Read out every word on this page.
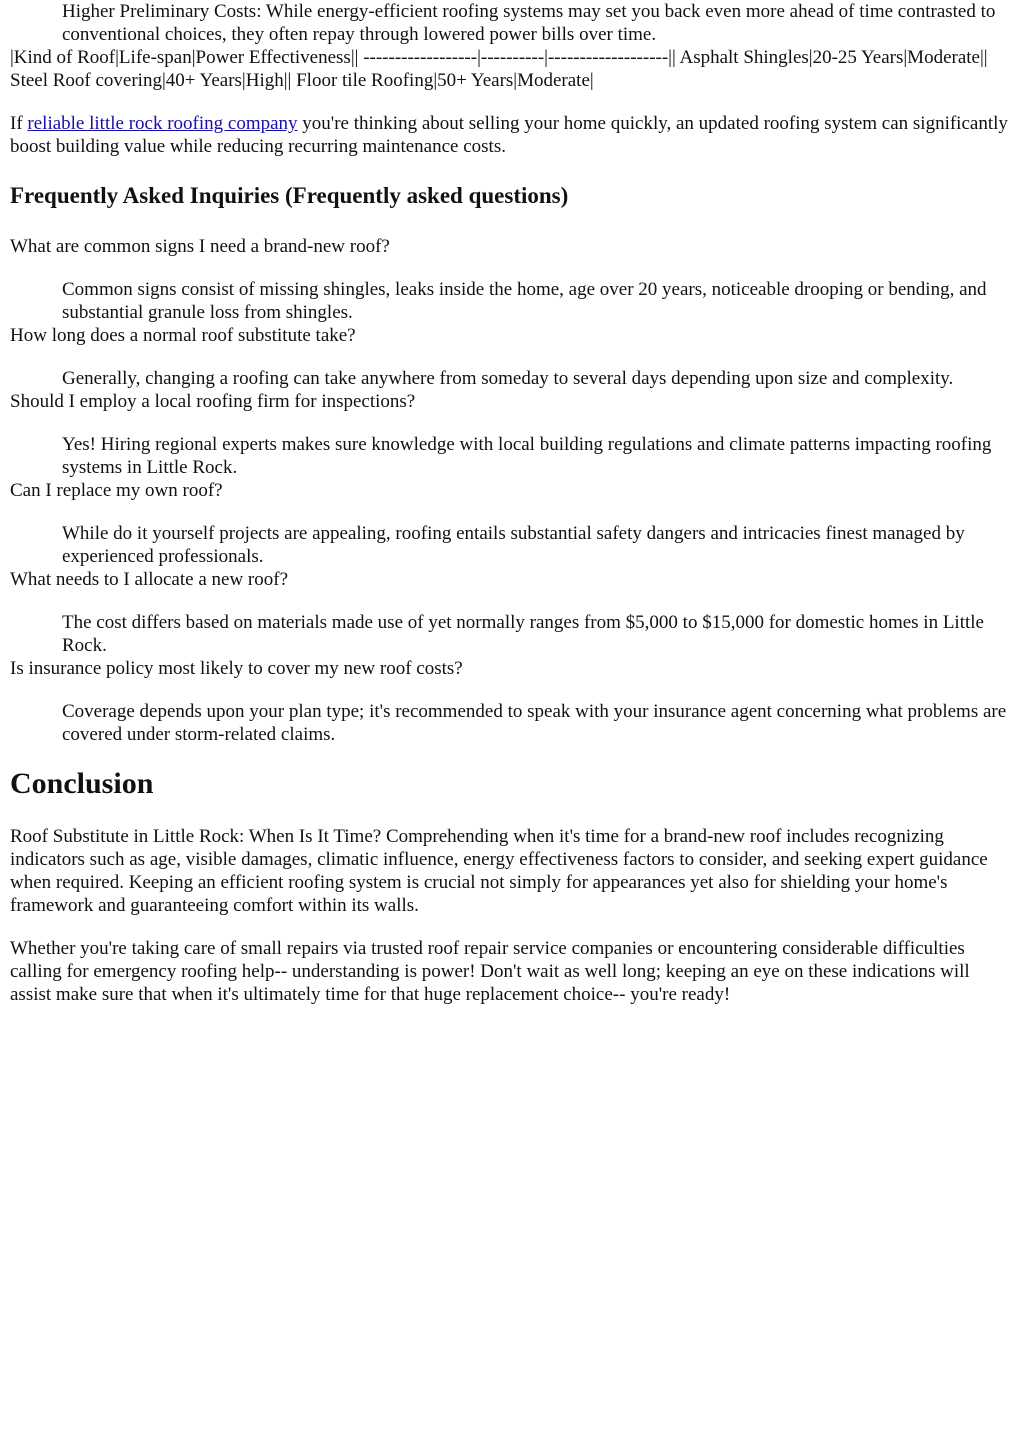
Higher Preliminary Costs: While energy-efficient roofing systems may set you back even more ahead of time contrasted to conventional choices, they often repay through lowered power bills over time.

|Kind of Roof|Life-span|Power Effectiveness|| ------------------|----------|-------------------|| Asphalt Shingles|20-25 Years|Moderate|| Steel Roof covering|40+ Years|High|| Floor tile Roofing|50+ Years|Moderate|

If reliable little rock roofing company you're thinking about selling your home quickly, an updated roofing system can significantly boost building value while reducing recurring maintenance costs.

Frequently Asked Inquiries (Frequently asked questions)
What are common signs I need a brand-new roof?

Common signs consist of missing shingles, leaks inside the home, age over 20 years, noticeable drooping or bending, and substantial granule loss from shingles.

How long does a normal roof substitute take?

Generally, changing a roofing can take anywhere from someday to several days depending upon size and complexity.

Should I employ a local roofing firm for inspections?

Yes! Hiring regional experts makes sure knowledge with local building regulations and climate patterns impacting roofing systems in Little Rock.

Can I replace my own roof?

While do it yourself projects are appealing, roofing entails substantial safety dangers and intricacies finest managed by experienced professionals.

What needs to I allocate a new roof?

The cost differs based on materials made use of yet normally ranges from $5,000 to $15,000 for domestic homes in Little Rock.

Is insurance policy most likely to cover my new roof costs?

Coverage depends upon your plan type; it's recommended to speak with your insurance agent concerning what problems are covered under storm-related claims.

Conclusion

Roof Substitute in Little Rock: When Is It Time? Comprehending when it's time for a brand-new roof includes recognizing indicators such as age, visible damages, climatic influence, energy effectiveness factors to consider, and seeking expert guidance when required. Keeping an efficient roofing system is crucial not simply for appearances yet also for shielding your home's framework and guaranteeing comfort within its walls.

Whether you're taking care of small repairs via trusted roof repair service companies or encountering considerable difficulties calling for emergency roofing help-- understanding is power! Don't wait as well long; keeping an eye on these indications will assist make sure that when it's ultimately time for that huge replacement choice-- you're ready!
